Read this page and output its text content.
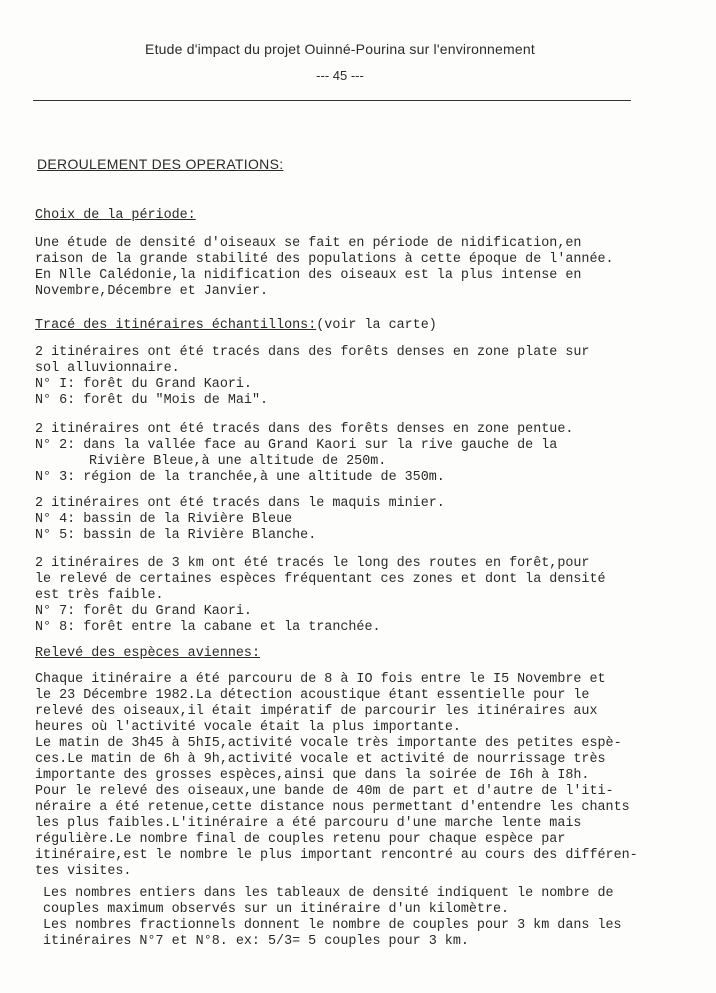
Etude d'impact du projet Ouinné-Pourina sur l'environnement
--- 45 ---
DEROULEMENT DES OPERATIONS:
Choix de la période:
Une étude de densité d'oiseaux se fait en période de nidification,en
raison de la grande stabilité des populations à cette époque de l'année.
En Nlle Calédonie,la nidification des oiseaux est la plus intense en
Novembre,Décembre et Janvier.
Tracé des itinéraires échantillons:(voir la carte)
2 itinéraires ont été tracés dans des forêts denses en zone plate sur
sol alluvionnaire.
N° I: forêt du Grand Kaori.
N° 6: forêt du "Mois de Mai".
2 itinéraires ont été tracés dans des forêts denses en zone pentue.
N° 2: dans la vallée face au Grand Kaori sur la rive gauche de la
Rivière Bleue,à une altitude de 250m.
N° 3: région de la tranchée,à une altitude de 350m.
2 itinéraires ont été tracés dans le maquis minier.
N° 4: bassin de la Rivière Bleue
N° 5: bassin de la Rivière Blanche.
2 itinéraires de 3 km ont été tracés le long des routes en forêt,pour
le relevé de certaines espèces fréquentant ces zones et dont la densité
est très faible.
N° 7: forêt du Grand Kaori.
N° 8: forêt entre la cabane et la tranchée.
Relevé des espèces aviennes:
Chaque itinéraire a été parcouru de 8 à IO fois entre le I5 Novembre et
le 23 Décembre 1982.La détection acoustique étant essentielle pour le
relevé des oiseaux,il était impératif de parcourir les itinéraires aux
heures où l'activité vocale était la plus importante.
Le matin de 3h45 à 5hI5,activité vocale très importante des petites espè-
ces.Le matin de 6h à 9h,activité vocale et activité de nourrissage très
importante des grosses espèces,ainsi que dans la soirée de I6h à I8h.
Pour le relevé des oiseaux,une bande de 40m de part et d'autre de l'iti-
néraire a été retenue,cette distance nous permettant d'entendre les chants
les plus faibles.L'itinéraire a été parcouru d'une marche lente mais
régulière.Le nombre final de couples retenu pour chaque espèce par
itinéraire,est le nombre le plus important rencontré au cours des différen-
tes visites.
Les nombres entiers dans les tableaux de densité indiquent le nombre de
couples maximum observés sur un itinéraire d'un kilomètre.
Les nombres fractionnels donnent le nombre de couples pour 3 km dans les
itinéraires N°7 et N°8. ex: 5/3= 5 couples pour 3 km.
